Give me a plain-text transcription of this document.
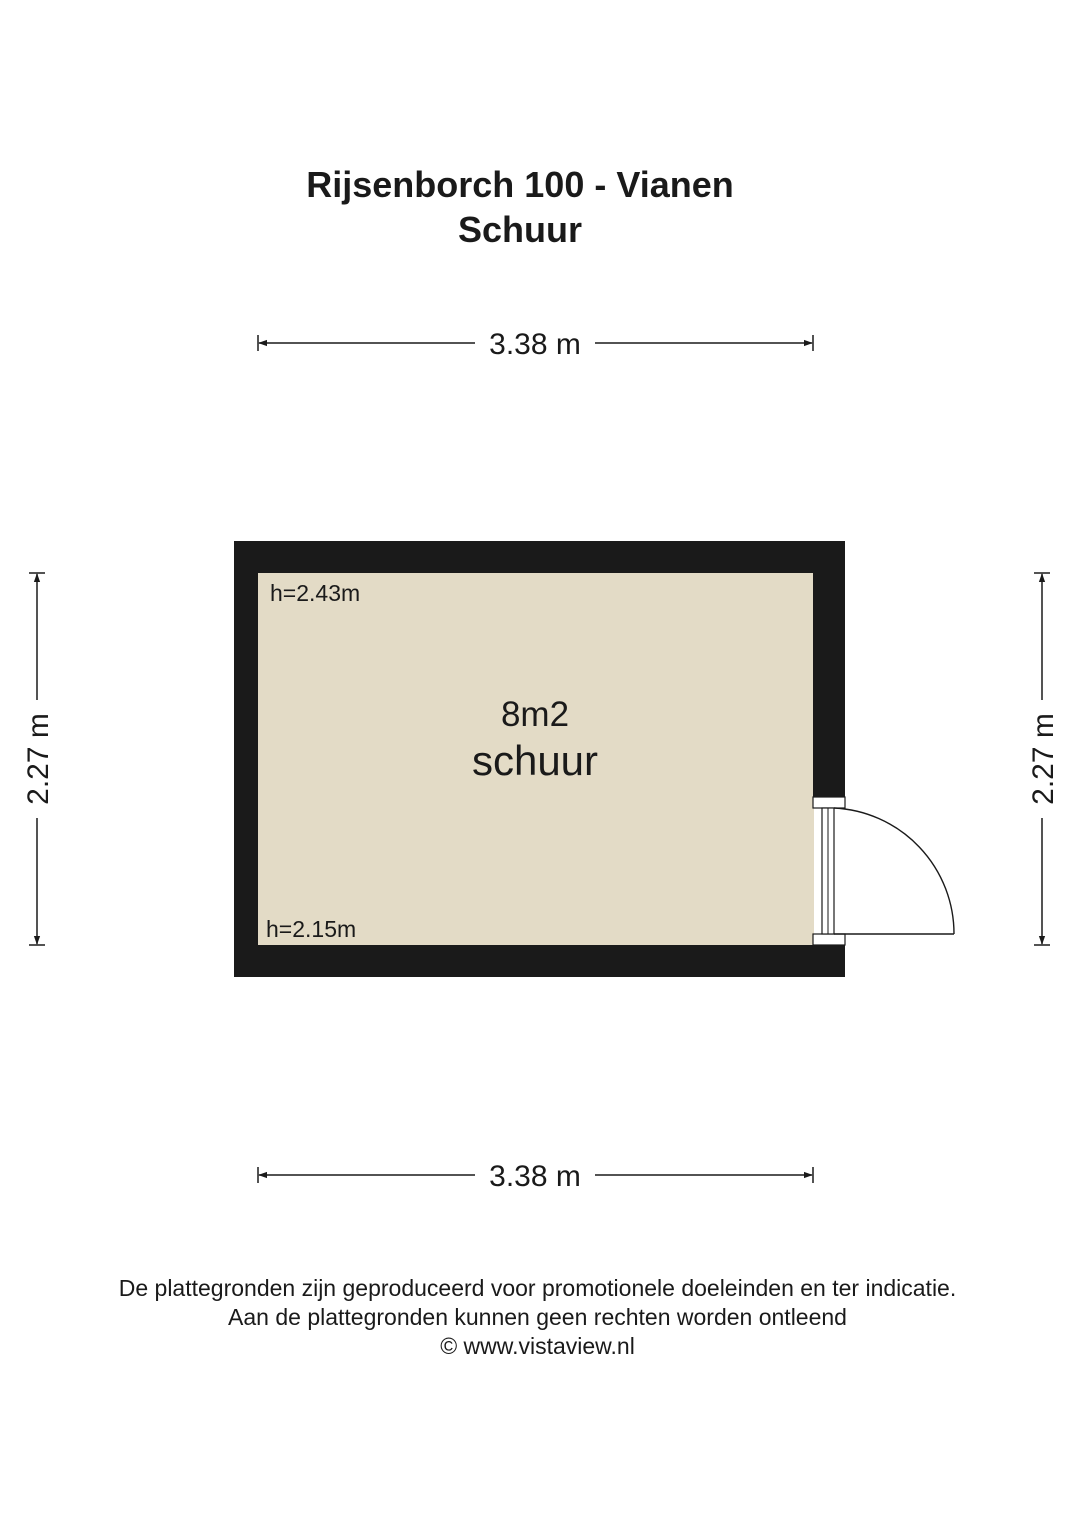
Rijsenborch 100 - Vianen
Schuur
3.38 m
3.38 m
2.27 m	2.27 m
h=2.43m
h=2.15m
8m2
schuur
De plattegronden zijn geproduceerd voor promotionele doeleinden en ter indicatie.
Aan de plattegronden kunnen geen rechten worden ontleend
© www.vistaview.nl
